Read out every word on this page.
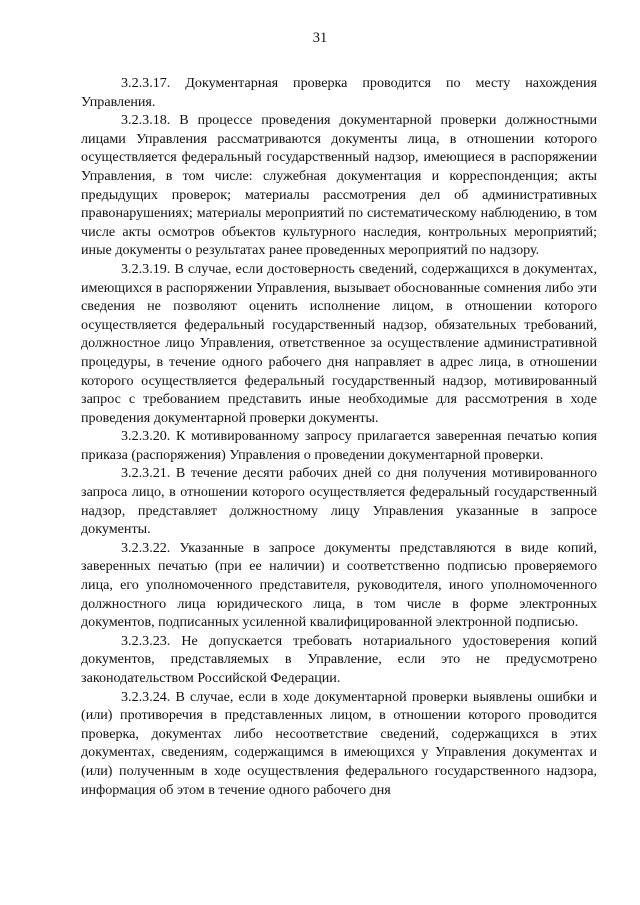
31

3.2.3.17. Документарная проверка проводится по месту нахождения Управления.

3.2.3.18. В процессе проведения документарной проверки должностными лицами Управления рассматриваются документы лица, в отношении которого осуществляется федеральный государственный надзор, имеющиеся в распоряжении Управления, в том числе: служебная документация и корреспонденция; акты предыдущих проверок; материалы рассмотрения дел об административных правонарушениях; материалы мероприятий по систематическому наблюдению, в том числе акты осмотров объектов культурного наследия, контрольных мероприятий; иные документы о результатах ранее проведенных мероприятий по надзору.

3.2.3.19. В случае, если достоверность сведений, содержащихся в документах, имеющихся в распоряжении Управления, вызывает обоснованные сомнения либо эти сведения не позволяют оценить исполнение лицом, в отношении которого осуществляется федеральный государственный надзор, обязательных требований, должностное лицо Управления, ответственное за осуществление административной процедуры, в течение одного рабочего дня направляет в адрес лица, в отношении которого осуществляется федеральный государственный надзор, мотивированный запрос с требованием представить иные необходимые для рассмотрения в ходе проведения документарной проверки документы.

3.2.3.20. К мотивированному запросу прилагается заверенная печатью копия приказа (распоряжения) Управления о проведении документарной проверки.

3.2.3.21. В течение десяти рабочих дней со дня получения мотивированного запроса лицо, в отношении которого осуществляется федеральный государственный надзор, представляет должностному лицу Управления указанные в запросе документы.

3.2.3.22. Указанные в запросе документы представляются в виде копий, заверенных печатью (при ее наличии) и соответственно подписью проверяемого лица, его уполномоченного представителя, руководителя, иного уполномоченного должностного лица юридического лица, в том числе в форме электронных документов, подписанных усиленной квалифицированной электронной подписью.

3.2.3.23. Не допускается требовать нотариального удостоверения копий документов, представляемых в Управление, если это не предусмотрено законодательством Российской Федерации.

3.2.3.24. В случае, если в ходе документарной проверки выявлены ошибки и (или) противоречия в представленных лицом, в отношении которого проводится проверка, документах либо несоответствие сведений, содержащихся в этих документах, сведениям, содержащимся в имеющихся у Управления документах и (или) полученным в ходе осуществления федерального государственного надзора, информация об этом в течение одного рабочего дня
